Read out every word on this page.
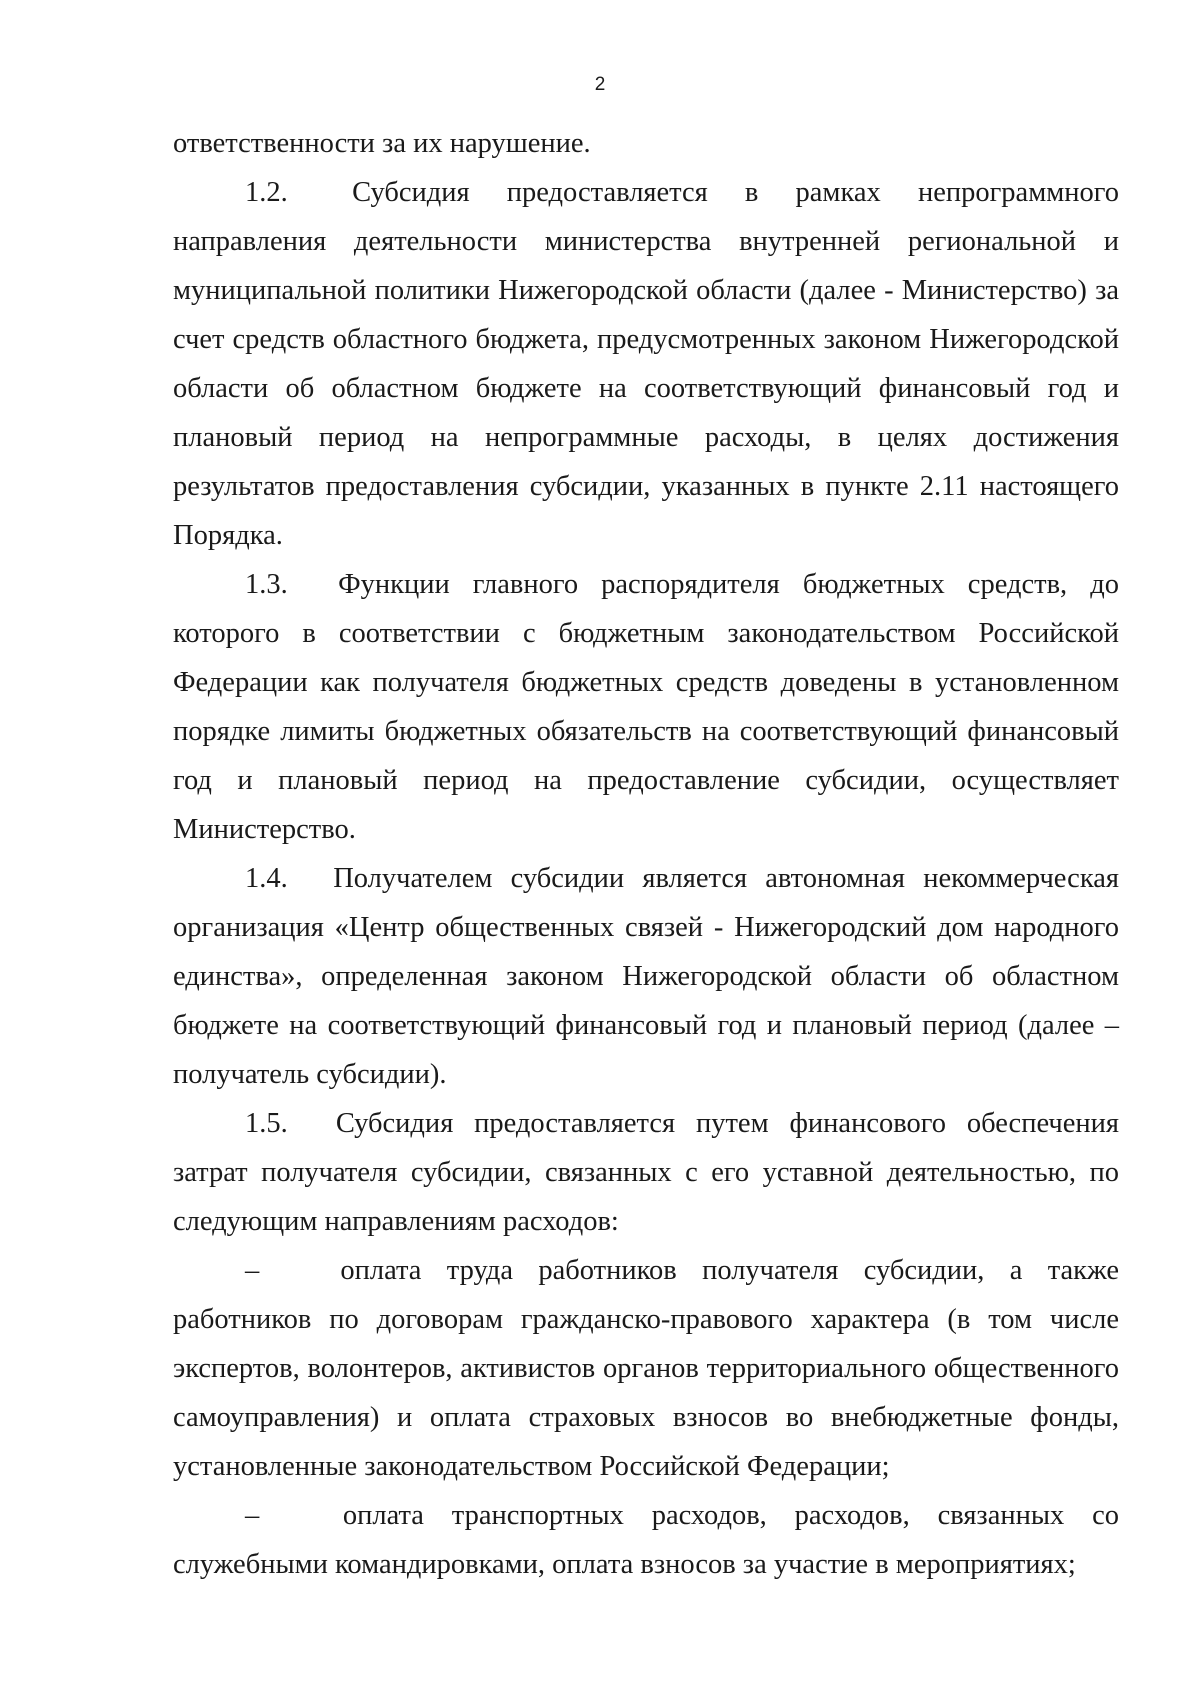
2

ответственности за их нарушение.

1.2. Субсидия предоставляется в рамках непрограммного направления деятельности министерства внутренней региональной и муниципальной политики Нижегородской области (далее - Министерство) за счет средств областного бюджета, предусмотренных законом Нижегородской области об областном бюджете на соответствующий финансовый год и плановый период на непрограммные расходы, в целях достижения результатов предоставления субсидии, указанных в пункте 2.11 настоящего Порядка.

1.3. Функции главного распорядителя бюджетных средств, до которого в соответствии с бюджетным законодательством Российской Федерации как получателя бюджетных средств доведены в установленном порядке лимиты бюджетных обязательств на соответствующий финансовый год и плановый период на предоставление субсидии, осуществляет Министерство.

1.4. Получателем субсидии является автономная некоммерческая организация «Центр общественных связей - Нижегородский дом народного единства», определенная законом Нижегородской области об областном бюджете на соответствующий финансовый год и плановый период (далее – получатель субсидии).

1.5. Субсидия предоставляется путем финансового обеспечения затрат получателя субсидии, связанных с его уставной деятельностью, по следующим направлениям расходов:

–	оплата труда работников получателя субсидии, а также работников по договорам гражданско-правового характера (в том числе экспертов, волонтеров, активистов органов территориального общественного самоуправления) и оплата страховых взносов во внебюджетные фонды, установленные законодательством Российской Федерации;

–	оплата транспортных расходов, расходов, связанных со служебными командировками, оплата взносов за участие в мероприятиях;
